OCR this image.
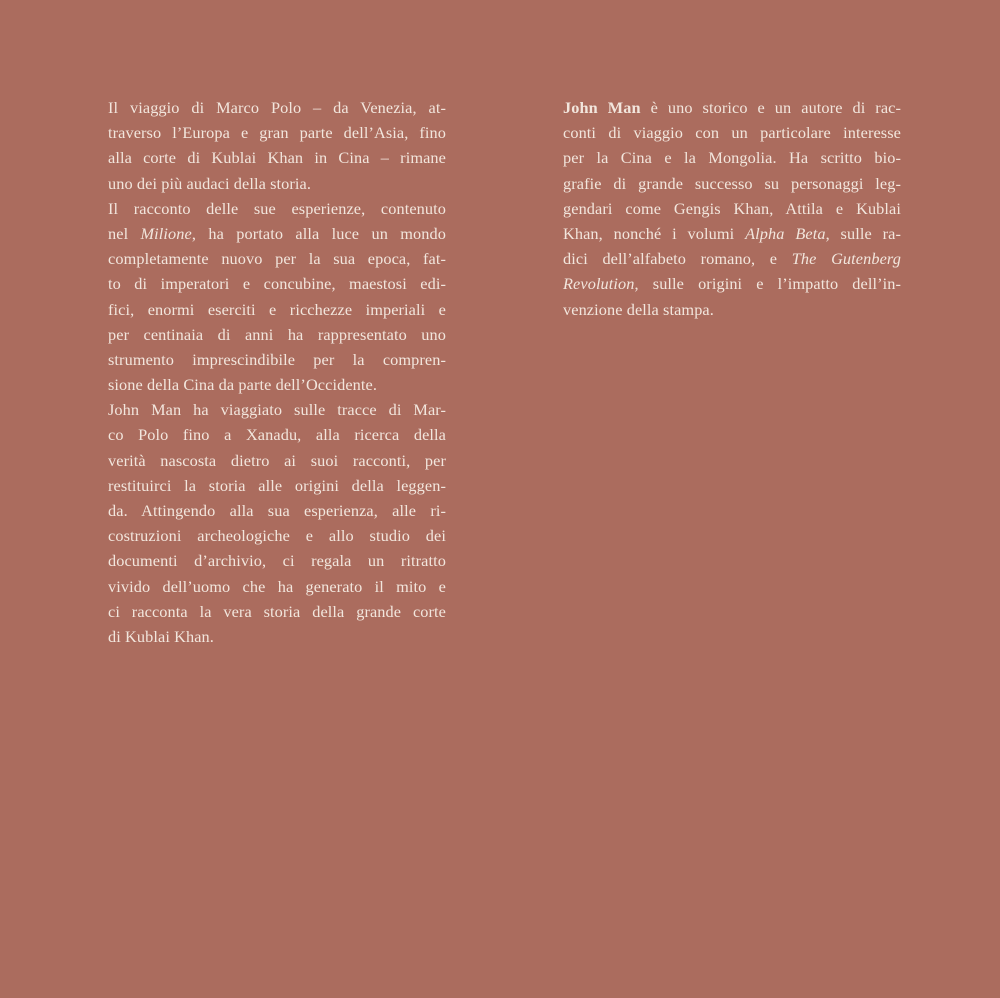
Il viaggio di Marco Polo – da Venezia, at-
traverso l’Europa e gran parte dell’Asia, fino
alla corte di Kublai Khan in Cina – rimane
uno dei più audaci della storia.
Il racconto delle sue esperienze, contenuto
nel Milione, ha portato alla luce un mondo
completamente nuovo per la sua epoca, fat-
to di imperatori e concubine, maestosi edi-
fici, enormi eserciti e ricchezze imperiali e
per centinaia di anni ha rappresentato uno
strumento imprescindibile per la compren-
sione della Cina da parte dell’Occidente.
John Man ha viaggiato sulle tracce di Mar-
co Polo fino a Xanadu, alla ricerca della
verità nascosta dietro ai suoi racconti, per
restituirci la storia alle origini della leggen-
da. Attingendo alla sua esperienza, alle ri-
costruzioni archeologiche e allo studio dei
documenti d’archivio, ci regala un ritratto
vivido dell’uomo che ha generato il mito e
ci racconta la vera storia della grande corte
di Kublai Khan.
John Man è uno storico e un autore di rac-
conti di viaggio con un particolare interesse
per la Cina e la Mongolia. Ha scritto bio-
grafie di grande successo su personaggi leg-
gendari come Gengis Khan, Attila e Kublai
Khan, nonché i volumi Alpha Beta, sulle ra-
dici dell’alfabeto romano, e The Gutenberg
Revolution, sulle origini e l’impatto dell’in-
venzione della stampa.
